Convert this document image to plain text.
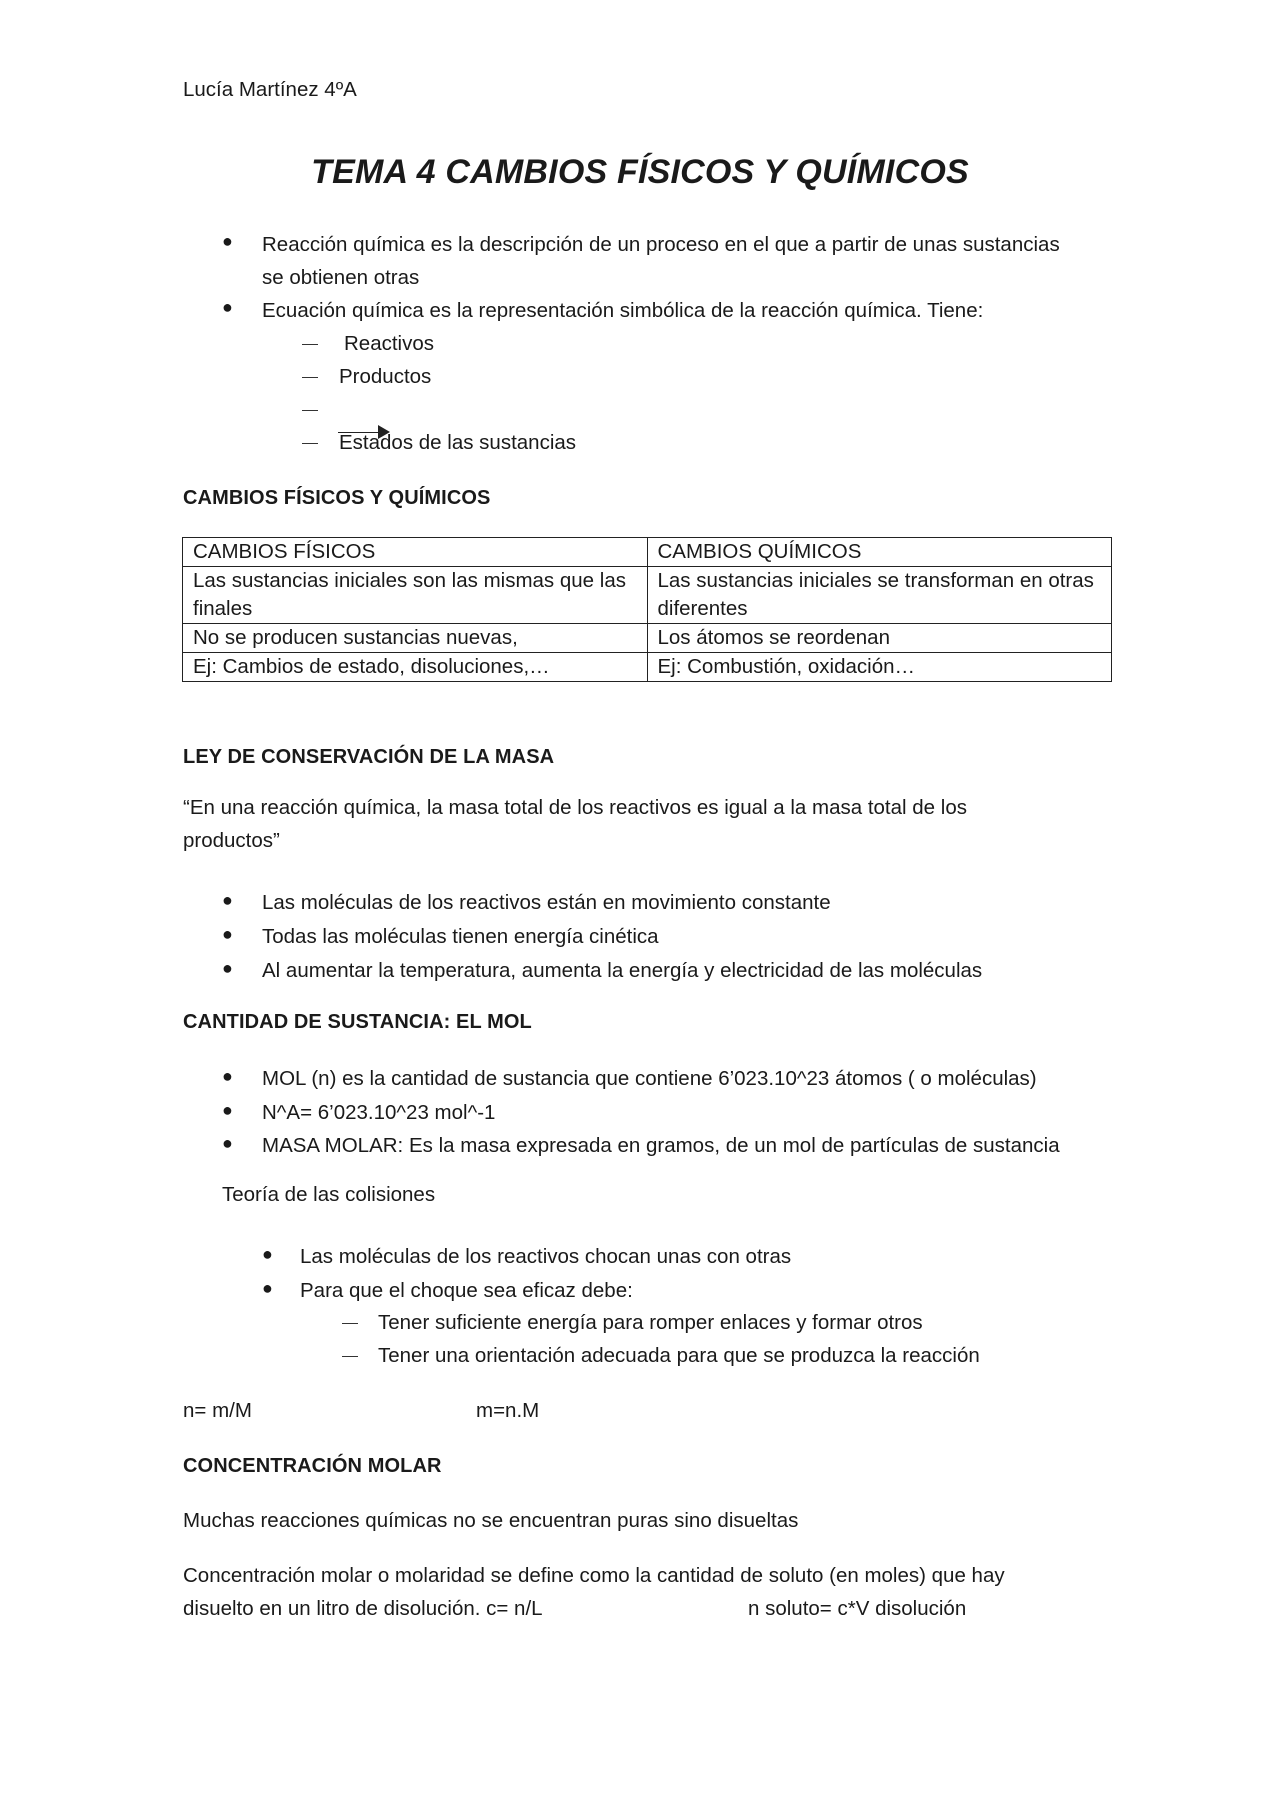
Lucía Martínez 4ºA
TEMA 4 CAMBIOS FÍSICOS Y QUÍMICOS
● Reacción química es la descripción de un proceso en el que a partir de unas sustancias
se obtienen otras
● Ecuación química es la representación simbólica de la reacción química. Tiene:
Reactivos
Productos
Estados de las sustancias
CAMBIOS FÍSICOS Y QUÍMICOS
CAMBIOS FÍSICOS	CAMBIOS QUÍMICOS
Las sustancias iniciales son las mismas que las finales	Las sustancias iniciales se transforman en otras diferentes
No se producen sustancias nuevas,	Los átomos se reordenan
Ej: Cambios de estado, disoluciones,…	Ej: Combustión, oxidación…
LEY DE CONSERVACIÓN DE LA MASA
“En una reacción química, la masa total de los reactivos es igual a la masa total de los
productos”
● Las moléculas de los reactivos están en movimiento constante
● Todas las moléculas tienen energía cinética
● Al aumentar la temperatura, aumenta la energía y electricidad de las moléculas
CANTIDAD DE SUSTANCIA: EL MOL
● MOL (n) es la cantidad de sustancia que contiene 6’023.10^23 átomos ( o moléculas)
● N^A= 6’023.10^23 mol^-1
● MASA MOLAR: Es la masa expresada en gramos, de un mol de partículas de sustancia
Teoría de las colisiones
● Las moléculas de los reactivos chocan unas con otras
● Para que el choque sea eficaz debe:
Tener suficiente energía para romper enlaces y formar otros
Tener una orientación adecuada para que se produzca la reacción
n= m/M	m=n.M
CONCENTRACIÓN MOLAR
Muchas reacciones químicas no se encuentran puras sino disueltas
Concentración molar o molaridad se define como la cantidad de soluto (en moles) que hay
disuelto en un litro de disolución. c= n/L	n soluto= c*V disolución
